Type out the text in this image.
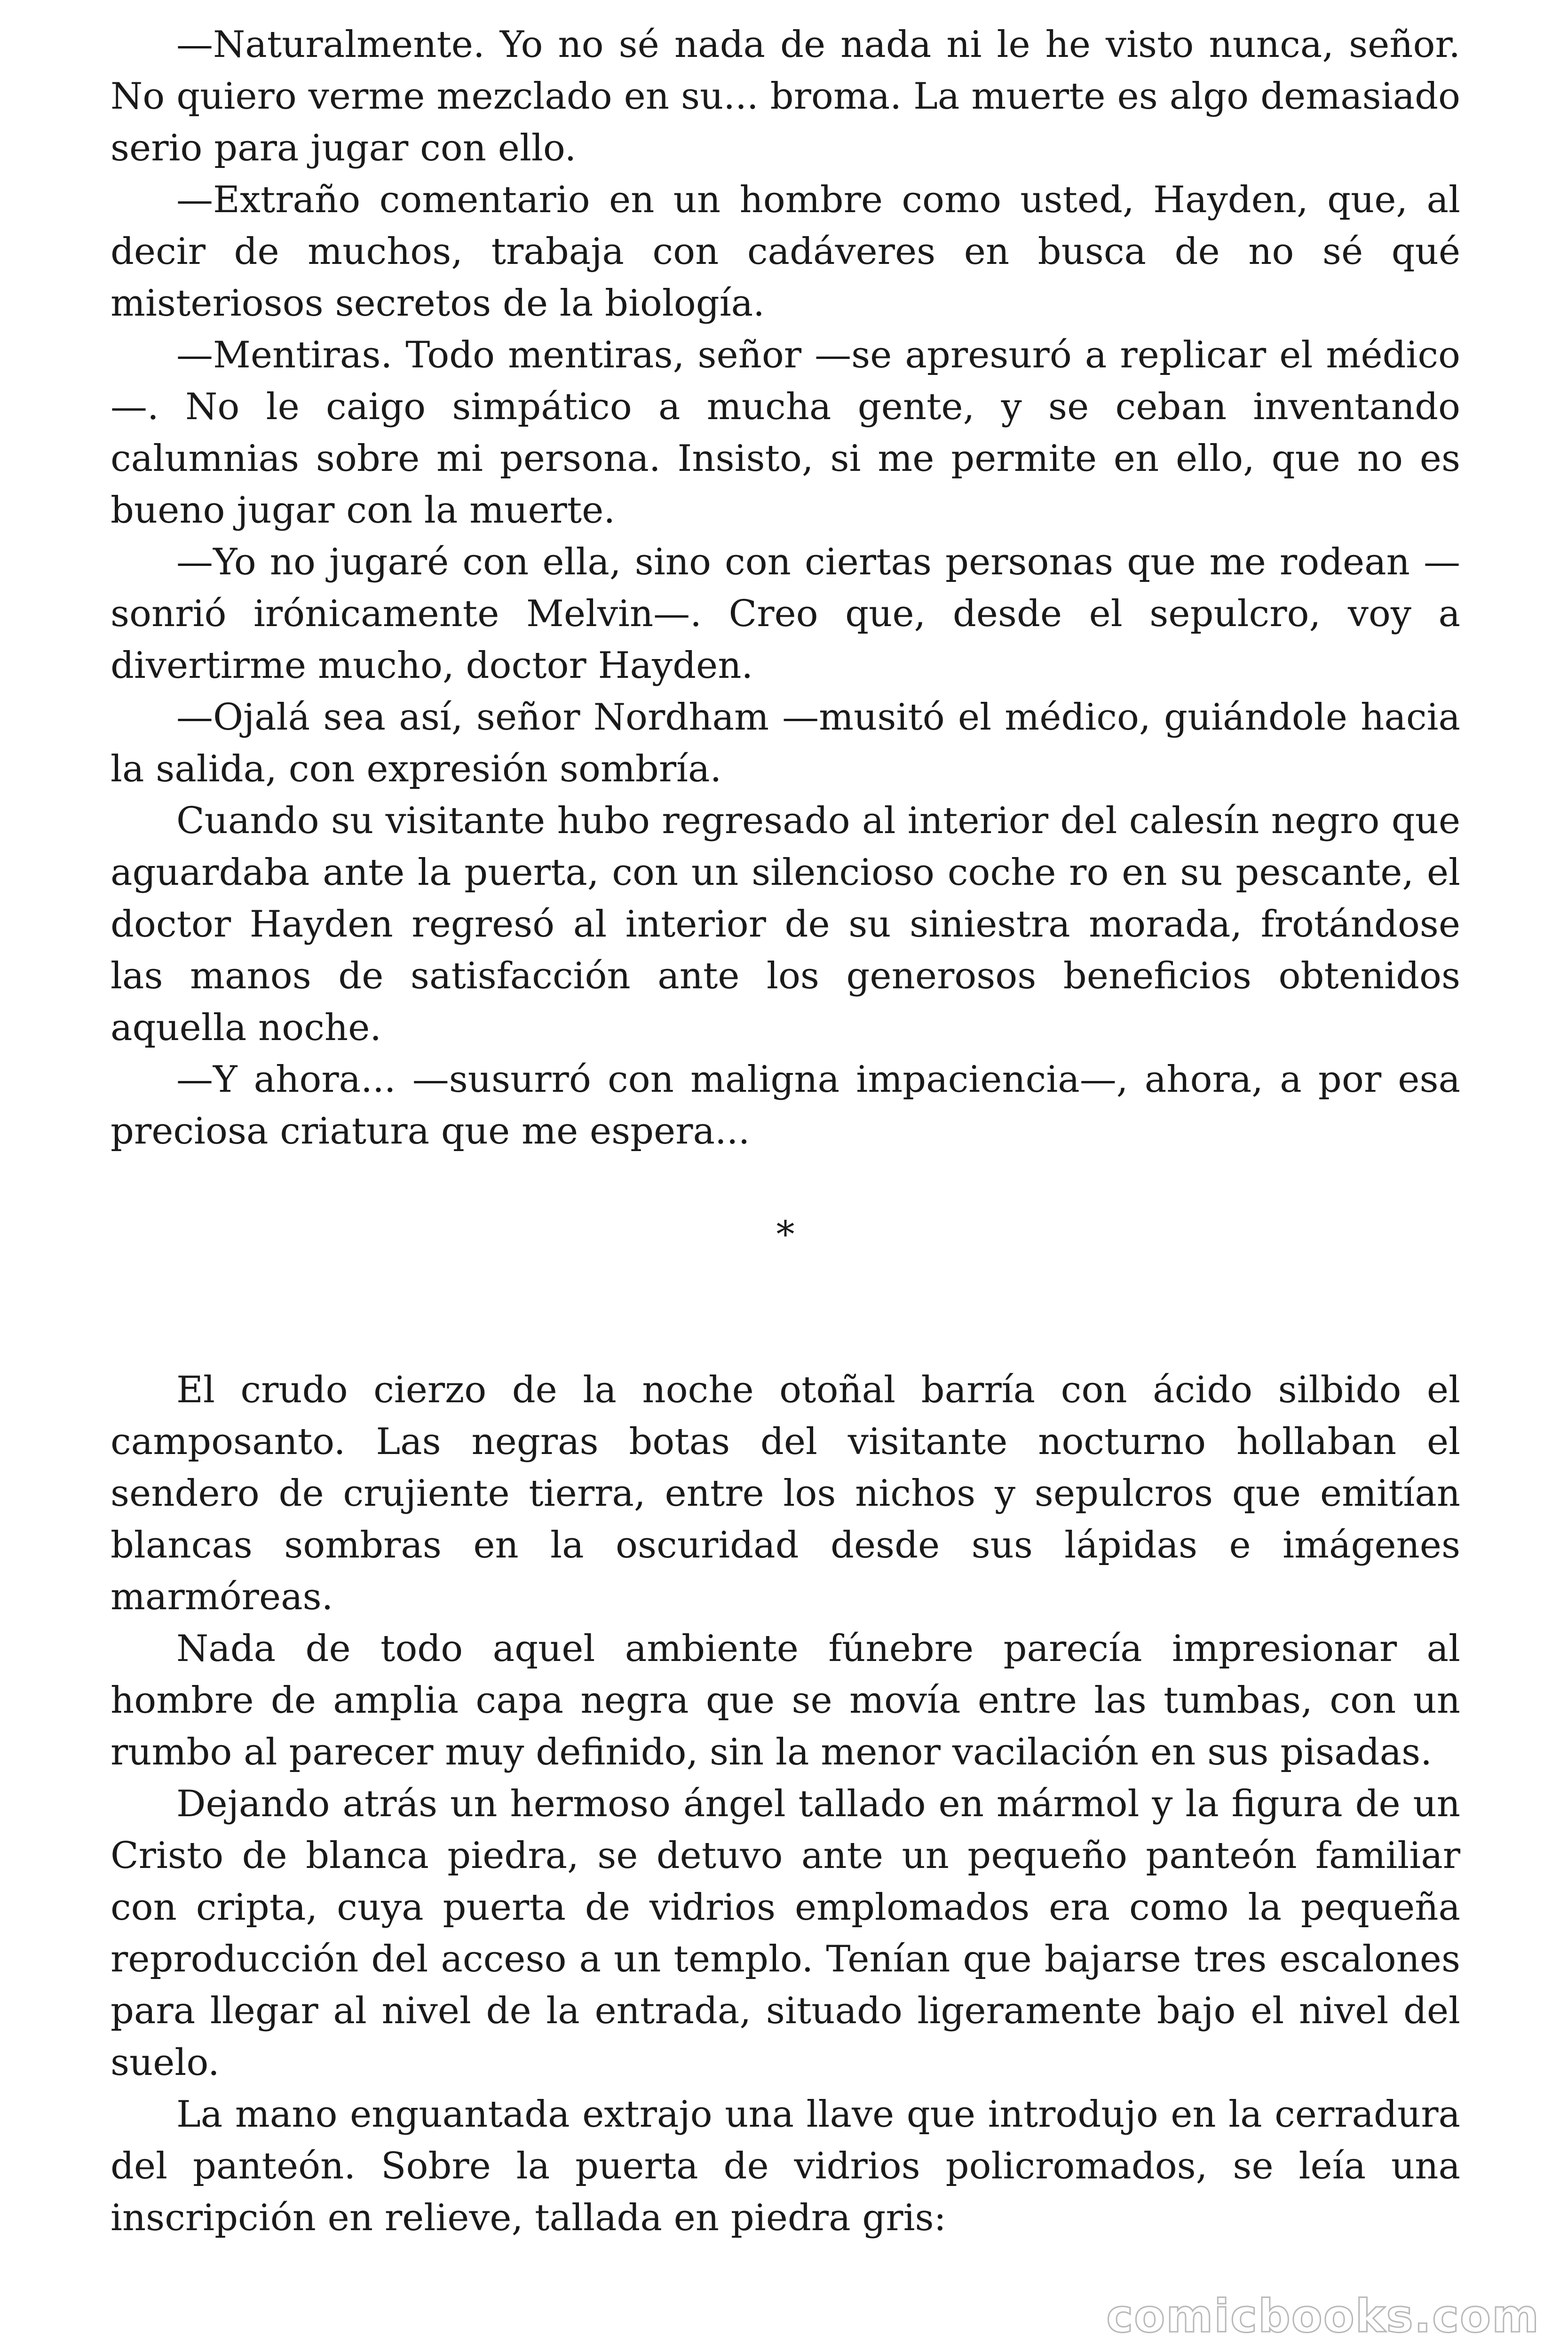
—Naturalmente. Yo no sé nada de nada ni le he visto nunca, señor. No quiero verme mezclado en su... broma. La muerte es algo demasiado serio para jugar con ello.

—Extraño comentario en un hombre como usted, Hayden, que, al decir de muchos, trabaja con cadáveres en busca de no sé qué misteriosos secretos de la biología.

—Mentiras. Todo mentiras, señor —se apresuró a replicar el médico—. No le caigo simpático a mucha gente, y se ceban inventando calumnias sobre mi persona. Insisto, si me permite en ello, que no es bueno jugar con la muerte.

—Yo no jugaré con ella, sino con ciertas personas que me rodean —sonrió irónicamente Melvin—. Creo que, desde el sepulcro, voy a divertirme mucho, doctor Hayden.

—Ojalá sea así, señor Nordham —musitó el médico, guiándole hacia la salida, con expresión sombría.

Cuando su visitante hubo regresado al interior del calesín negro que aguardaba ante la puerta, con un silencioso coche ro en su pescante, el doctor Hayden regresó al interior de su siniestra morada, frotándose las manos de satisfacción ante los generosos beneficios obtenidos aquella noche.

—Y ahora... —susurró con maligna impaciencia—, ahora, a por esa preciosa criatura que me espera...

*

El crudo cierzo de la noche otoñal barría con ácido silbido el camposanto. Las negras botas del visitante nocturno hollaban el sendero de crujiente tierra, entre los nichos y sepulcros que emitían blancas sombras en la oscuridad desde sus lápidas e imágenes marmóreas.

Nada de todo aquel ambiente fúnebre parecía impresionar al hombre de amplia capa negra que se movía entre las tumbas, con un rumbo al parecer muy definido, sin la menor vacilación en sus pisadas.

Dejando atrás un hermoso ángel tallado en mármol y la figura de un Cristo de blanca piedra, se detuvo ante un pequeño panteón familiar con cripta, cuya puerta de vidrios emplomados era como la pequeña reproducción del acceso a un templo. Tenían que bajarse tres escalones para llegar al nivel de la entrada, situado ligeramente bajo el nivel del suelo.

La mano enguantada extrajo una llave que introdujo en la cerradura del panteón. Sobre la puerta de vidrios policromados, se leía una inscripción en relieve, tallada en piedra gris:

comicbooks.com
